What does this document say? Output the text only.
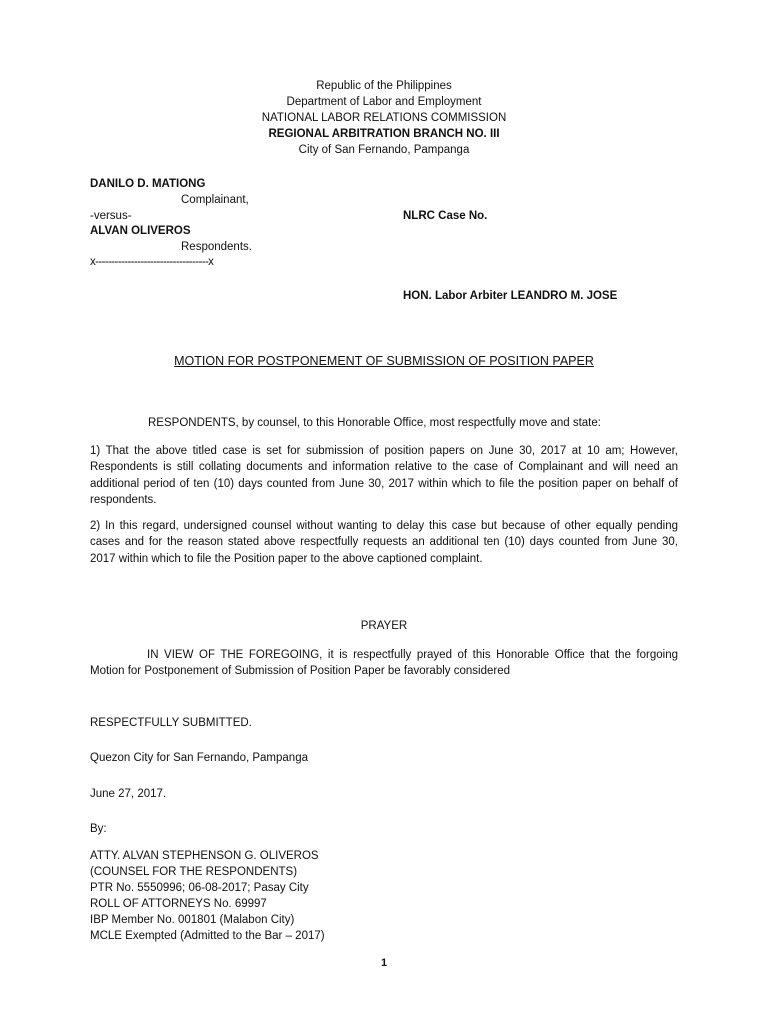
Republic of the Philippines
Department of Labor and Employment
NATIONAL LABOR RELATIONS COMMISSION
REGIONAL ARBITRATION BRANCH NO. III
City of San Fernando, Pampanga
DANILO D. MATIONG
Complainant,
-versus-	NLRC Case No.
ALVAN OLIVEROS
Respondents.
x-----------------------------------x
HON. Labor Arbiter LEANDRO M. JOSE
MOTION FOR POSTPONEMENT OF SUBMISSION OF POSITION PAPER
RESPONDENTS, by counsel, to this Honorable Office, most respectfully move and state:
1) That the above titled case is set for submission of position papers on June 30, 2017 at 10 am; However, Respondents is still collating documents and information relative to the case of Complainant and will need an additional period of ten (10) days counted from June 30, 2017 within which to file the position paper on behalf of respondents.
2) In this regard, undersigned counsel without wanting to delay this case but because of other equally pending cases and for the reason stated above respectfully requests an additional ten (10) days counted from June 30, 2017 within which to file the Position paper to the above captioned complaint.
PRAYER
IN VIEW OF THE FOREGOING, it is respectfully prayed of this Honorable Office that the forgoing Motion for Postponement of Submission of Position Paper be favorably considered
RESPECTFULLY SUBMITTED.
Quezon City for San Fernando, Pampanga
June 27, 2017.
By:
ATTY. ALVAN STEPHENSON G. OLIVEROS
(COUNSEL FOR THE RESPONDENTS)
PTR No. 5550996; 06-08-2017; Pasay City
ROLL OF ATTORNEYS No. 69997
IBP Member No. 001801 (Malabon City)
MCLE Exempted (Admitted to the Bar – 2017)
1
